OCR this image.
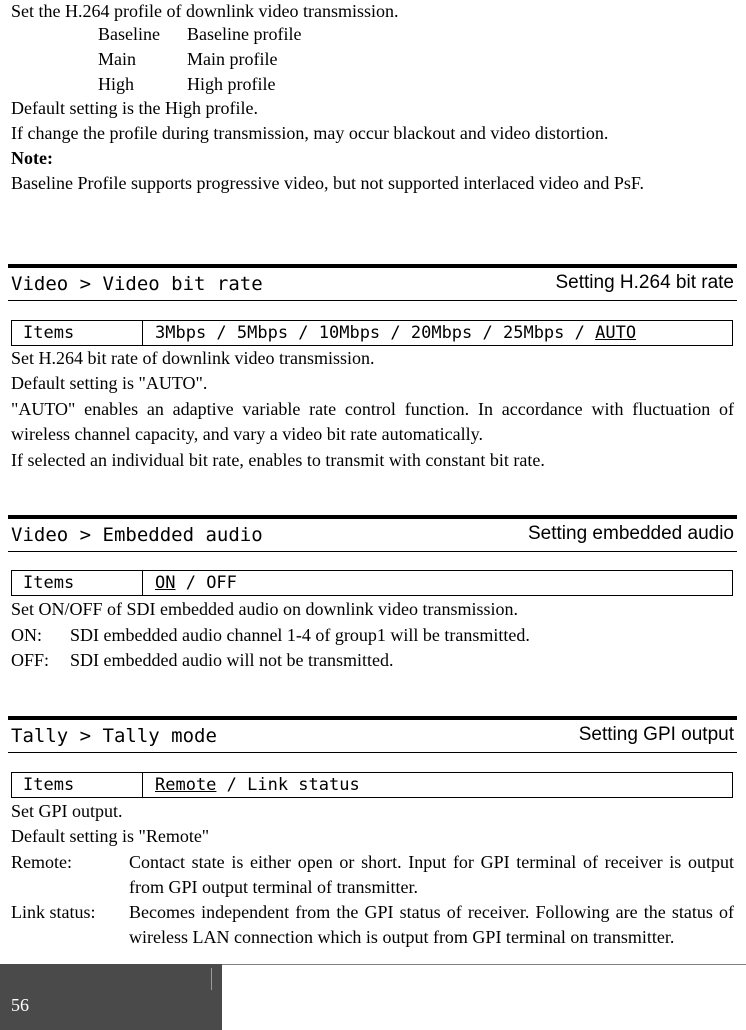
Set the H.264 profile of downlink video transmission.
Baseline Baseline profile
Main	Main profile
High	High profile
Default setting is the High profile.
If change the profile during transmission, may occur blackout and video distortion.
Note:
Baseline Profile supports progressive video, but not supported interlaced video and PsF.
Video > Video bit rate	Setting H.264 bit rate
Items	3Mbps / 5Mbps / 10Mbps / 20Mbps / 25Mbps / AUTO
Set H.264 bit rate of downlink video transmission.
Default setting is "AUTO".
"AUTO" enables an adaptive variable rate control function. In accordance with fluctuation of wireless channel capacity, and vary a video bit rate automatically.
If selected an individual bit rate, enables to transmit with constant bit rate.
Video > Embedded audio	Setting embedded audio
Items	ON / OFF
Set ON/OFF of SDI embedded audio on downlink video transmission.
ON: SDI embedded audio channel 1-4 of group1 will be transmitted.
OFF: SDI embedded audio will not be transmitted.
Tally > Tally mode	Setting GPI output
Items	Remote / Link status
Set GPI output.
Default setting is "Remote"
Remote:	Contact state is either open or short. Input for GPI terminal of receiver is output from GPI output terminal of transmitter.
Link status: Becomes independent from the GPI status of receiver. Following are the status of wireless LAN connection which is output from GPI terminal on transmitter.
56
